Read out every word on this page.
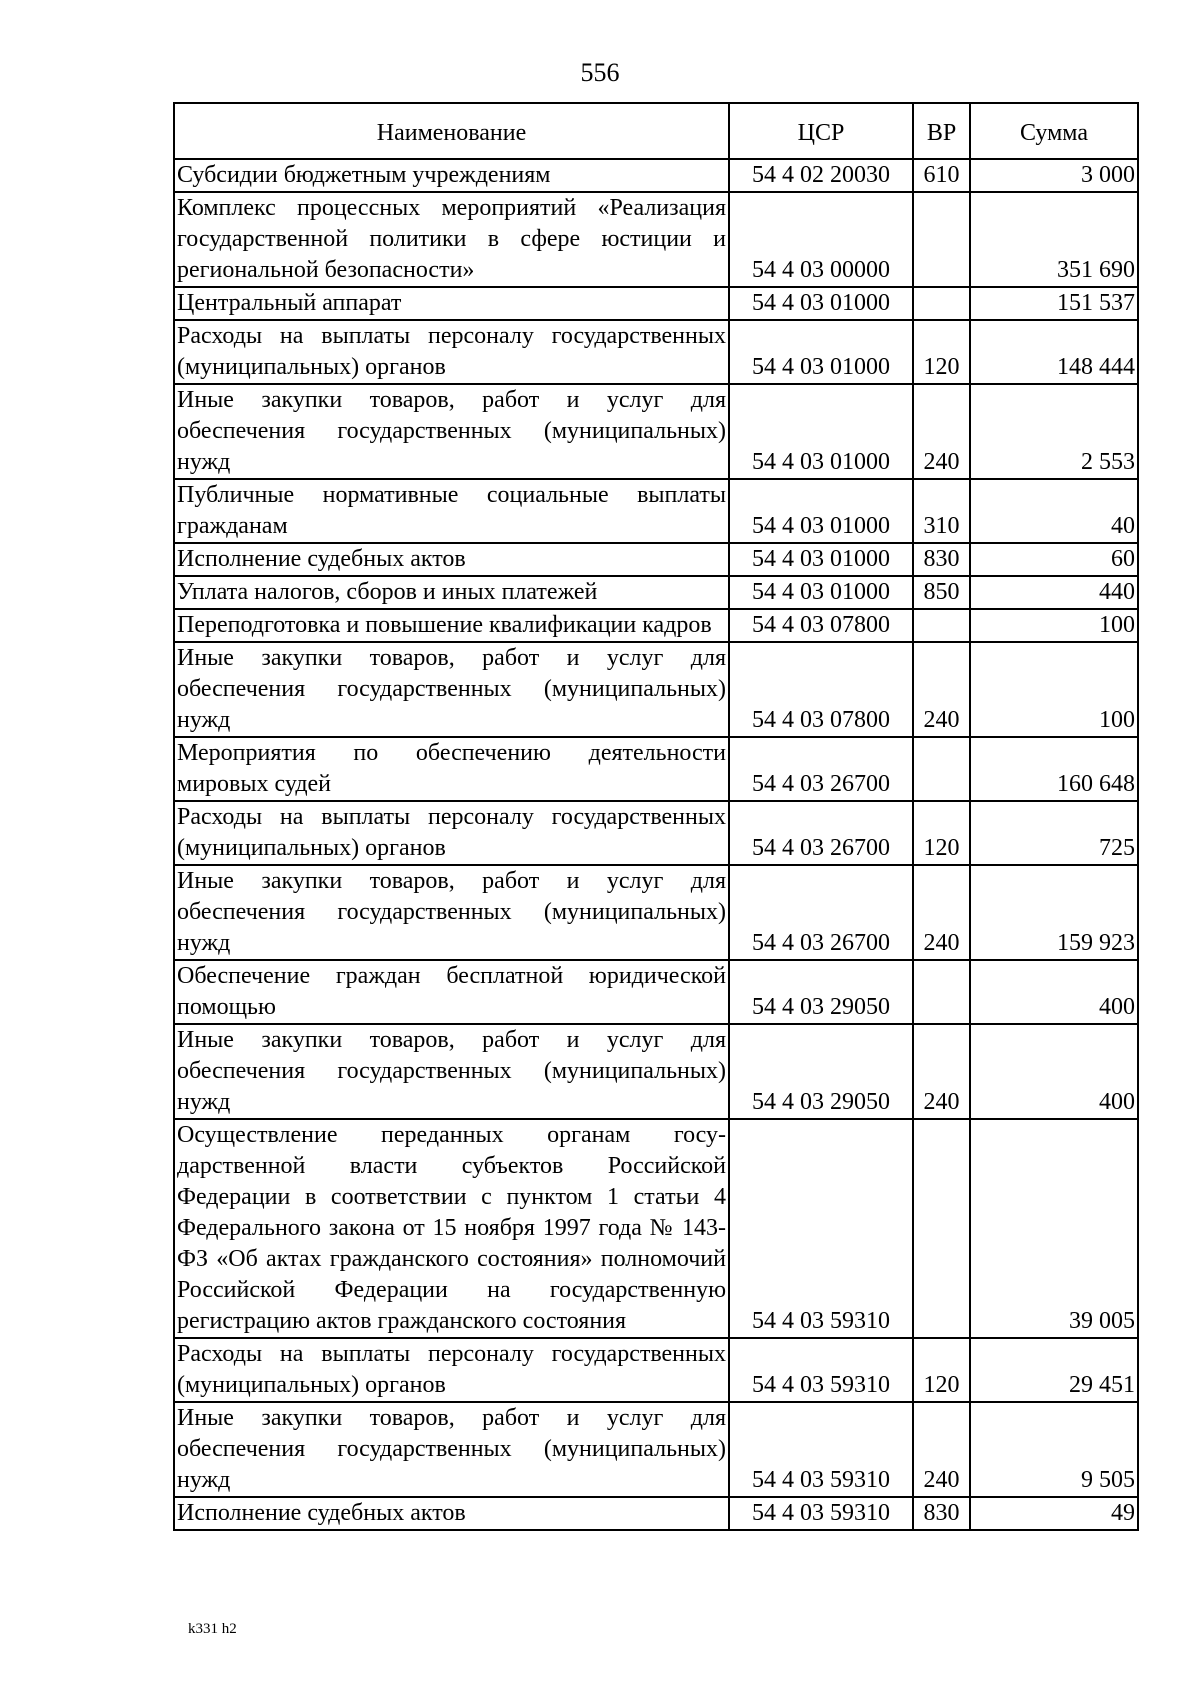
556
Наименование	ЦСР	ВР	Сумма
Субсидии бюджетным учреждениям	54 4 02 20030	610	3 000
Комплекс процессных мероприятий «Реализация государственной политики в сфере юстиции и региональной безопасности»	54 4 03 00000		351 690
Центральный аппарат	54 4 03 01000		151 537
Расходы на выплаты персоналу государственных (муниципальных) органов	54 4 03 01000	120	148 444
Иные закупки товаров, работ и услуг для обеспечения государственных (муниципальных) нужд	54 4 03 01000	240	2 553
Публичные нормативные социальные выплаты гражданам	54 4 03 01000	310	40
Исполнение судебных актов	54 4 03 01000	830	60
Уплата налогов, сборов и иных платежей	54 4 03 01000	850	440
Переподготовка и повышение квалификации кадров	54 4 03 07800		100
Иные закупки товаров, работ и услуг для обеспечения государственных (муниципальных) нужд	54 4 03 07800	240	100
Мероприятия по обеспечению деятельности мировых судей	54 4 03 26700		160 648
Расходы на выплаты персоналу государственных (муниципальных) органов	54 4 03 26700	120	725
Иные закупки товаров, работ и услуг для обеспечения государственных (муниципальных) нужд	54 4 03 26700	240	159 923
Обеспечение граждан бесплатной юридической помощью	54 4 03 29050		400
Иные закупки товаров, работ и услуг для обеспечения государственных (муниципальных) нужд	54 4 03 29050	240	400
Осуществление переданных органам государственной власти субъектов Российской Федерации в соответствии с пунктом 1 статьи 4 Федерального закона от 15 ноября 1997 года № 143-ФЗ «Об актах гражданского состояния» полномочий Российской Федерации на государственную регистрацию актов гражданского состояния	54 4 03 59310		39 005
Расходы на выплаты персоналу государственных (муниципальных) органов	54 4 03 59310	120	29 451
Иные закупки товаров, работ и услуг для обеспечения государственных (муниципальных) нужд	54 4 03 59310	240	9 505
Исполнение судебных актов	54 4 03 59310	830	49
k331 h2
